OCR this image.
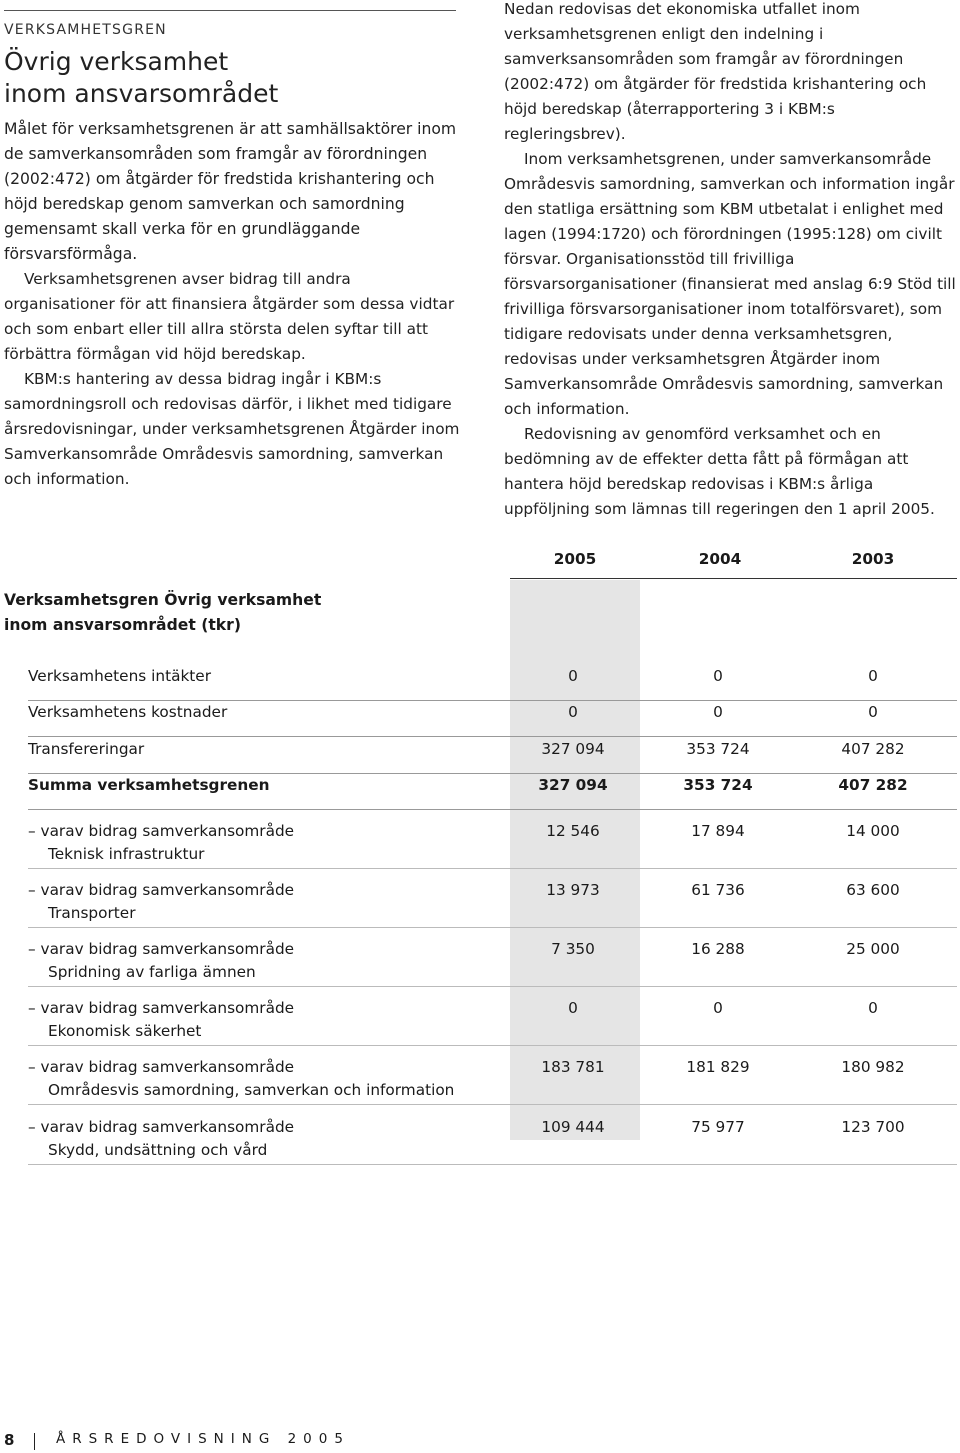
VERKSAMHETSGREN
Övrig verksamhet
inom ansvarsområdet

Målet för verksamhetsgrenen är att samhällsaktörer inom de samverkansområden som framgår av förordningen (2002:472) om åtgärder för fredstida krishantering och höjd beredskap genom samverkan och samordning gemensamt skall verka för en grundläggande försvarsförmåga.

Verksamhetsgrenen avser bidrag till andra organisationer för att finansiera åtgärder som dessa vidtar och som enbart eller till allra största delen syftar till att förbättra förmågan vid höjd beredskap.

KBM:s hantering av dessa bidrag ingår i KBM:s samordningsroll och redovisas därför, i likhet med tidigare årsredovisningar, under verksamhetsgrenen Åtgärder inom Samverkansområde Områdesvis samordning, samverkan och information.

Nedan redovisas det ekonomiska utfallet inom verksamhetsgrenen enligt den indelning i samverksansområden som framgår av förordningen (2002:472) om åtgärder för fredstida krishantering och höjd beredskap (återrapportering 3 i KBM:s regleringsbrev).

Inom verksamhetsgrenen, under samverkansområde Områdesvis samordning, samverkan och information ingår den statliga ersättning som KBM utbetalat i enlighet med lagen (1994:1720) och förordningen (1995:128) om civilt försvar. Organisationsstöd till frivilliga försvarsorganisationer (finansierat med anslag 6:9 Stöd till frivilliga försvarsorganisationer inom totalförsvaret), som tidigare redovisats under denna verksamhetsgren, redovisas under verksamhetsgren Åtgärder inom Samverkansområde Områdesvis samordning, samverkan och information.

Redovisning av genomförd verksamhet och en bedömning av de effekter detta fått på förmågan att hantera höjd beredskap redovisas i KBM:s årliga uppföljning som lämnas till regeringen den 1 april 2005.

2005	2004	2003
Verksamhetsgren Övrig verksamhet
inom ansvarsområdet (tkr)
Verksamhetens intäkter	0	0	0
Verksamhetens kostnader	0	0	0
Transfereringar	327 094	353 724	407 282
Summa verksamhetsgrenen	327 094	353 724	407 282
– varav bidrag samverkansområde
Teknisk infrastruktur
12 546	17 894	14 000
– varav bidrag samverkansområde
Transporter
13 973	61 736	63 600
– varav bidrag samverkansområde
Spridning av farliga ämnen
7 350	16 288	25 000
– varav bidrag samverkansområde
Ekonomisk säkerhet
0	0	0
– varav bidrag samverkansområde
Områdesvis samordning, samverkan och information
183 781	181 829	180 982
– varav bidrag samverkansområde
Skydd, undsättning och vård
109 444	75 977	123 700
8	ÅRSREDOVISNING 2005
